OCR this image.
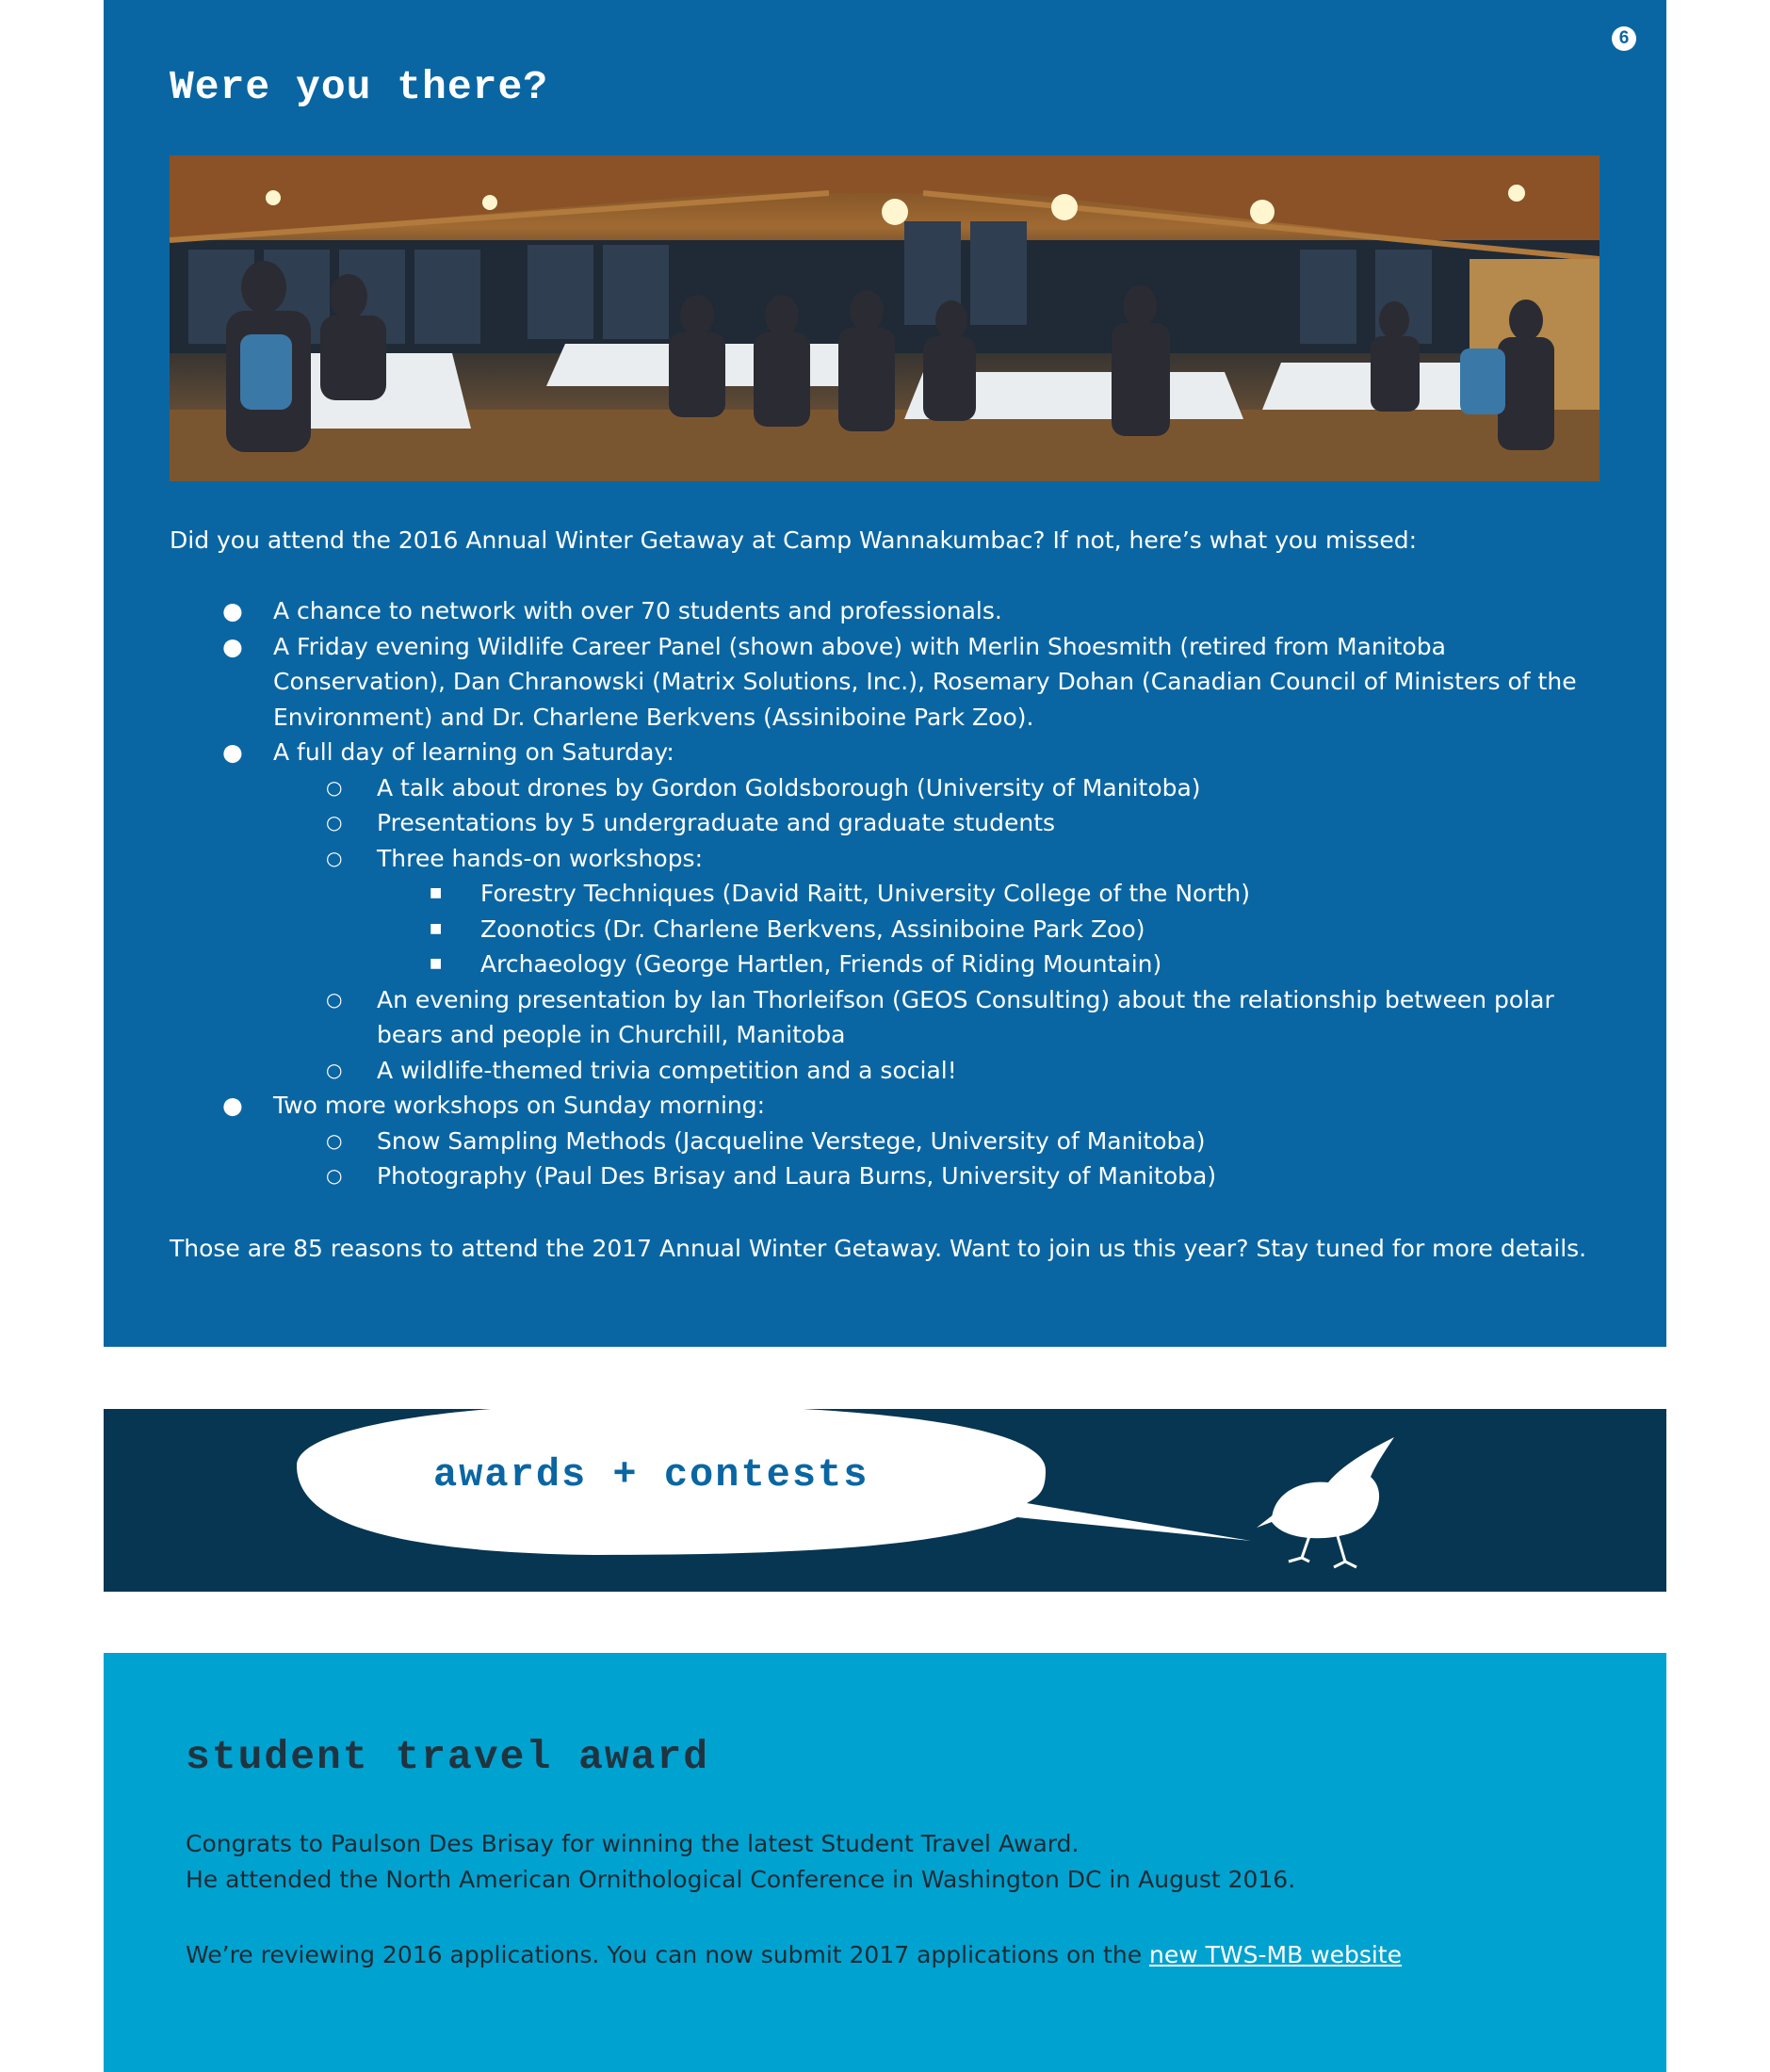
6
Were you there?
Did you attend the 2016 Annual Winter Getaway at Camp Wannakumbac? If not, here’s what you missed:
● A chance to network with over 70 students and professionals.
● A Friday evening Wildlife Career Panel (shown above) with Merlin Shoesmith (retired from Manitoba Conservation), Dan Chranowski (Matrix Solutions, Inc.), Rosemary Dohan (Canadian Council of Ministers of the Environment) and Dr. Charlene Berkvens (Assiniboine Park Zoo).
● A full day of learning on Saturday:
○ A talk about drones by Gordon Goldsborough (University of Manitoba)
○ Presentations by 5 undergraduate and graduate students
○ Three hands-on workshops:
■ Forestry Techniques (David Raitt, University College of the North)
■ Zoonotics (Dr. Charlene Berkvens, Assiniboine Park Zoo)
■ Archaeology (George Hartlen, Friends of Riding Mountain)
○ An evening presentation by Ian Thorleifson (GEOS Consulting) about the relationship between polar bears and people in Churchill, Manitoba
○ A wildlife-themed trivia competition and a social!
● Two more workshops on Sunday morning:
○ Snow Sampling Methods (Jacqueline Verstege, University of Manitoba)
○ Photography (Paul Des Brisay and Laura Burns, University of Manitoba)
Those are 85 reasons to attend the 2017 Annual Winter Getaway. Want to join us this year? Stay tuned for more details.
student travel award
Congrats to Paulson Des Brisay for winning the latest Student Travel Award.
He attended the North American Ornithological Conference in Washington DC in August 2016.
We’re reviewing 2016 applications. You can now submit 2017 applications on the new TWS-MB website
